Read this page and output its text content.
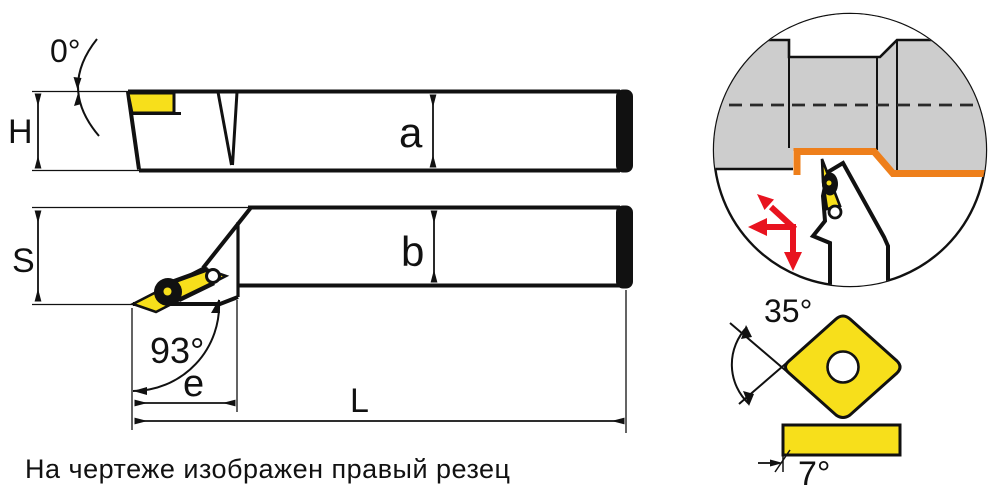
0°
H	a
93°
S	b
e	L
35°
7°
На чертеже изображен правый резец
